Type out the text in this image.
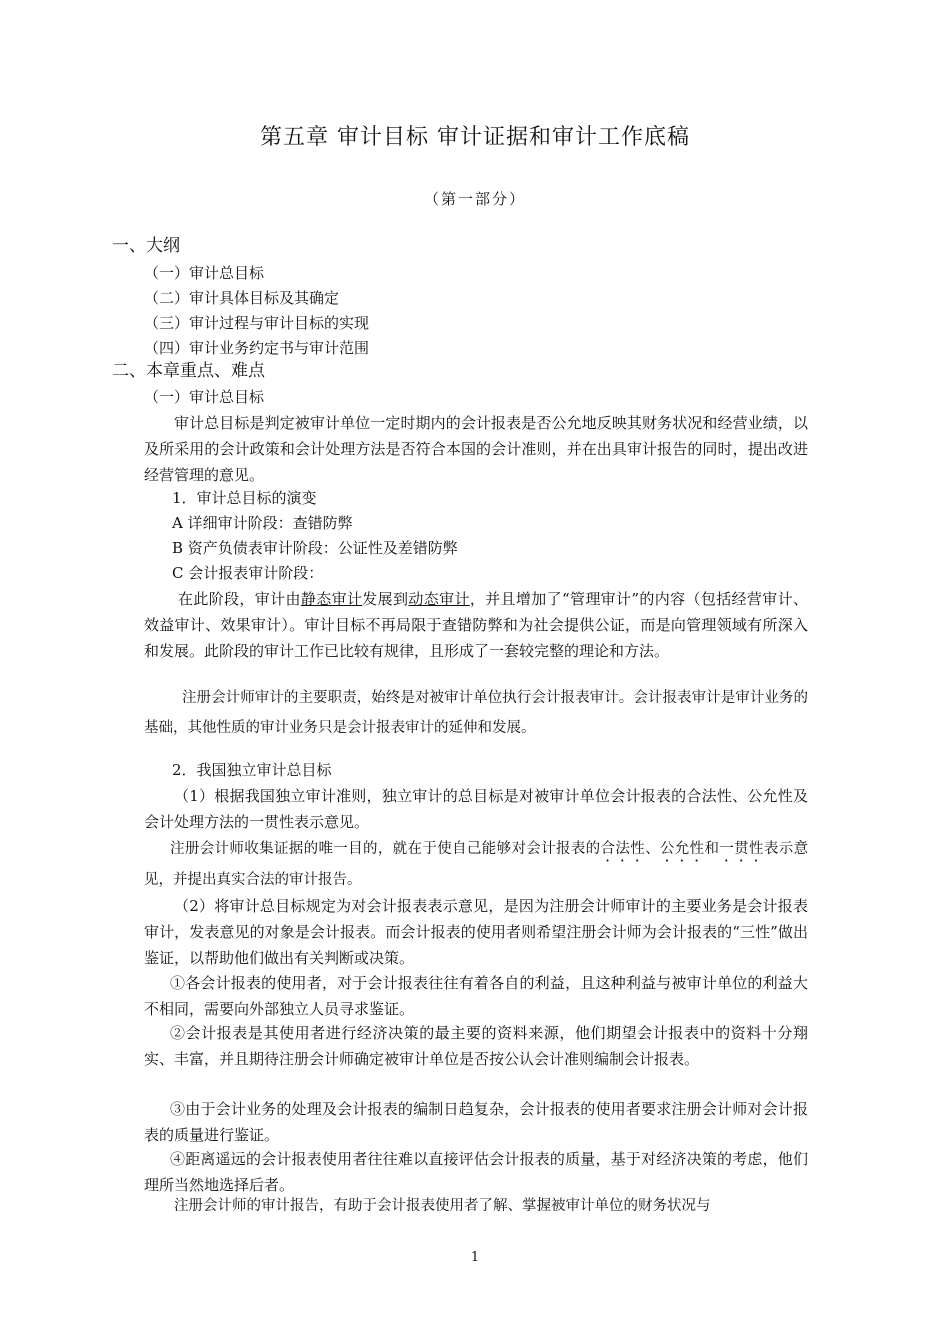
第五章 审计目标 审计证据和审计工作底稿
（第一部分）
一、大纲
（一）审计总目标
（二）审计具体目标及其确定
（三）审计过程与审计目标的实现
（四）审计业务约定书与审计范围
二、本章重点、难点
（一）审计总目标
审计总目标是判定被审计单位一定时期内的会计报表是否公允地反映其财务状况和经营业绩，以及所采用的会计政策和会计处理方法是否符合本国的会计准则，并在出具审计报告的同时，提出改进经营管理的意见。
1．审计总目标的演变
A 详细审计阶段：查错防弊
B 资产负债表审计阶段：公证性及差错防弊
C 会计报表审计阶段：
在此阶段，审计由静态审计发展到动态审计，并且增加了“管理审计”的内容（包括经营审计、效益审计、效果审计）。审计目标不再局限于查错防弊和为社会提供公证，而是向管理领域有所深入和发展。此阶段的审计工作已比较有规律，且形成了一套较完整的理论和方法。
注册会计师审计的主要职责，始终是对被审计单位执行会计报表审计。会计报表审计是审计业务的基础，其他性质的审计业务只是会计报表审计的延伸和发展。
2．我国独立审计总目标
（1）根据我国独立审计准则，独立审计的总目标是对被审计单位会计报表的合法性、公允性及会计处理方法的一贯性表示意见。
注册会计师收集证据的唯一目的，就在于使自己能够对会计报表的合法性、公允性和一贯性表示意见，并提出真实合法的审计报告。
（2）将审计总目标规定为对会计报表表示意见，是因为注册会计师审计的主要业务是会计报表审计，发表意见的对象是会计报表。而会计报表的使用者则希望注册会计师为会计报表的“三性”做出鉴证，以帮助他们做出有关判断或决策。
①各会计报表的使用者，对于会计报表往往有着各自的利益，且这种利益与被审计单位的利益大不相同，需要向外部独立人员寻求鉴证。
②会计报表是其使用者进行经济决策的最主要的资料来源，他们期望会计报表中的资料十分翔实、丰富，并且期待注册会计师确定被审计单位是否按公认会计准则编制会计报表。
③由于会计业务的处理及会计报表的编制日趋复杂，会计报表的使用者要求注册会计师对会计报表的质量进行鉴证。
④距离遥远的会计报表使用者往往难以直接评估会计报表的质量，基于对经济决策的考虑，他们理所当然地选择后者。
注册会计师的审计报告，有助于会计报表使用者了解、掌握被审计单位的财务状况与
1
